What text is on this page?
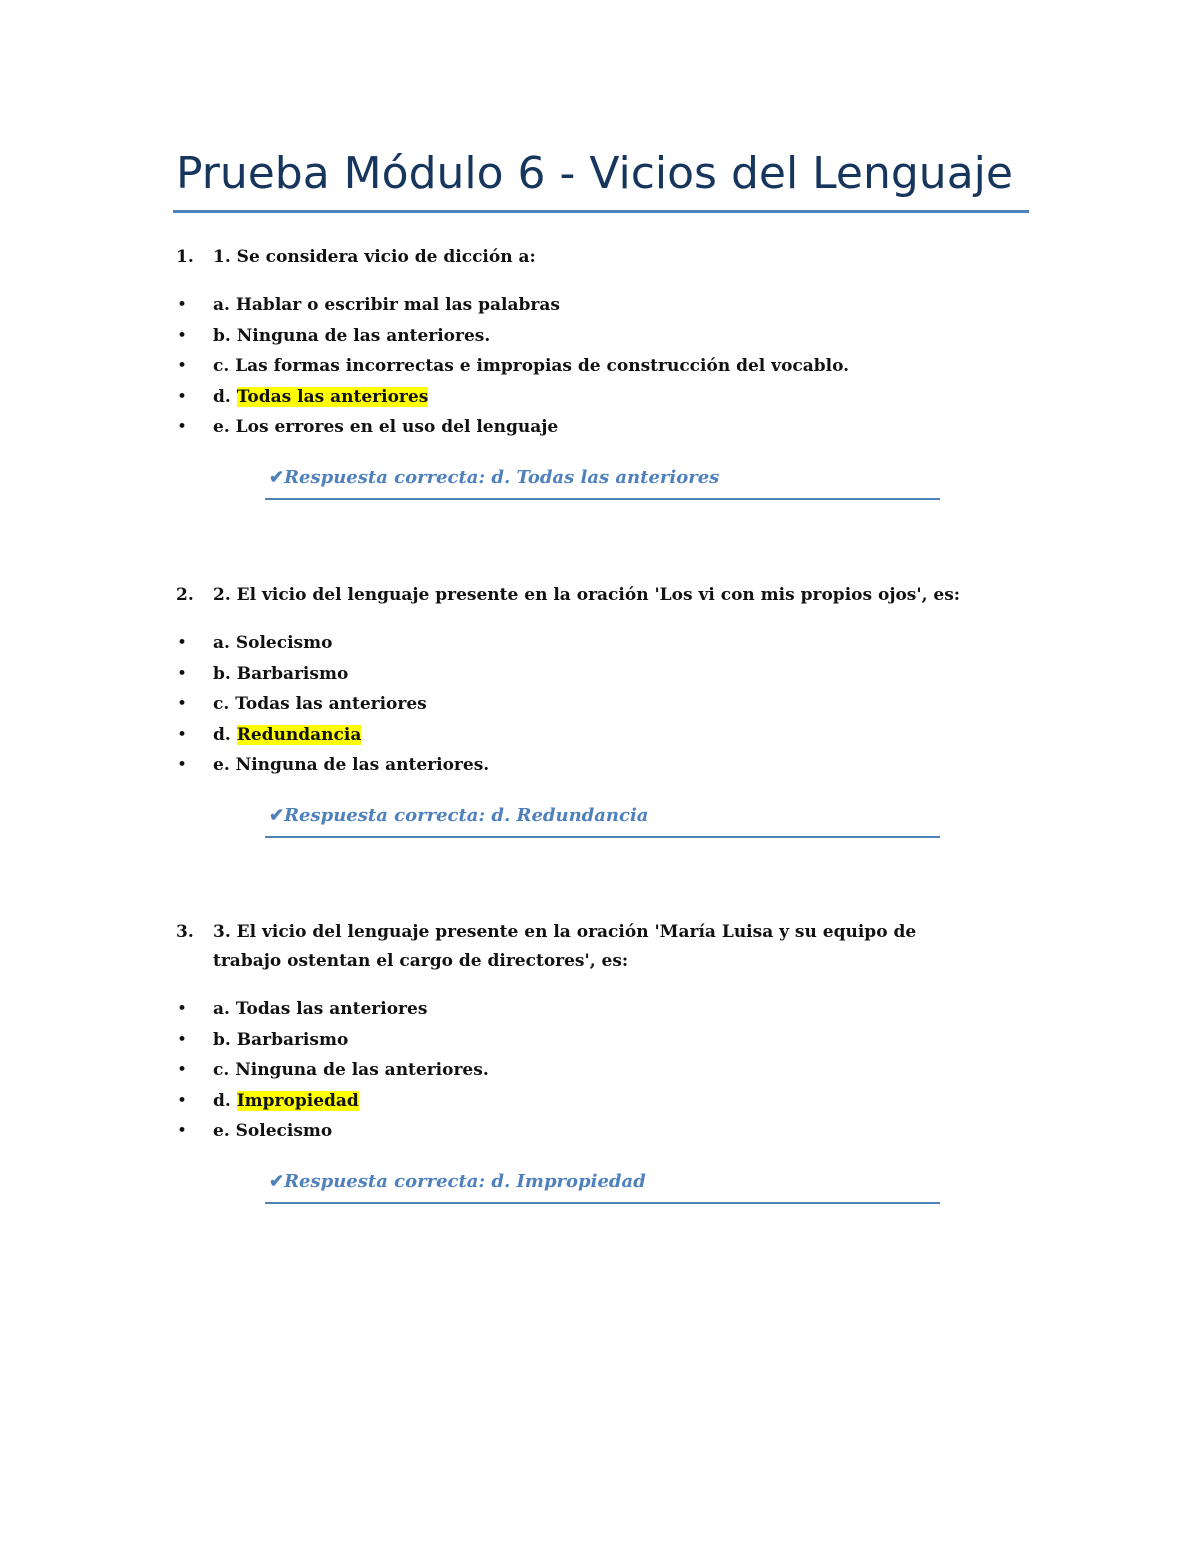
Prueba Módulo 6 - Vicios del Lenguaje
1. 1. Se considera vicio de dicción a:
• a. Hablar o escribir mal las palabras
• b. Ninguna de las anteriores.
• c. Las formas incorrectas e impropias de construcción del vocablo.
• d. Todas las anteriores
• e. Los errores en el uso del lenguaje
✔Respuesta correcta: d. Todas las anteriores
2. 2. El vicio del lenguaje presente en la oración 'Los vi con mis propios ojos', es:
• a. Solecismo
• b. Barbarismo
• c. Todas las anteriores
• d. Redundancia
• e. Ninguna de las anteriores.
✔Respuesta correcta: d. Redundancia
3. 3. El vicio del lenguaje presente en la oración 'María Luisa y su equipo de trabajo ostentan el cargo de directores', es:
• a. Todas las anteriores
• b. Barbarismo
• c. Ninguna de las anteriores.
• d. Impropiedad
• e. Solecismo
✔Respuesta correcta: d. Impropiedad
